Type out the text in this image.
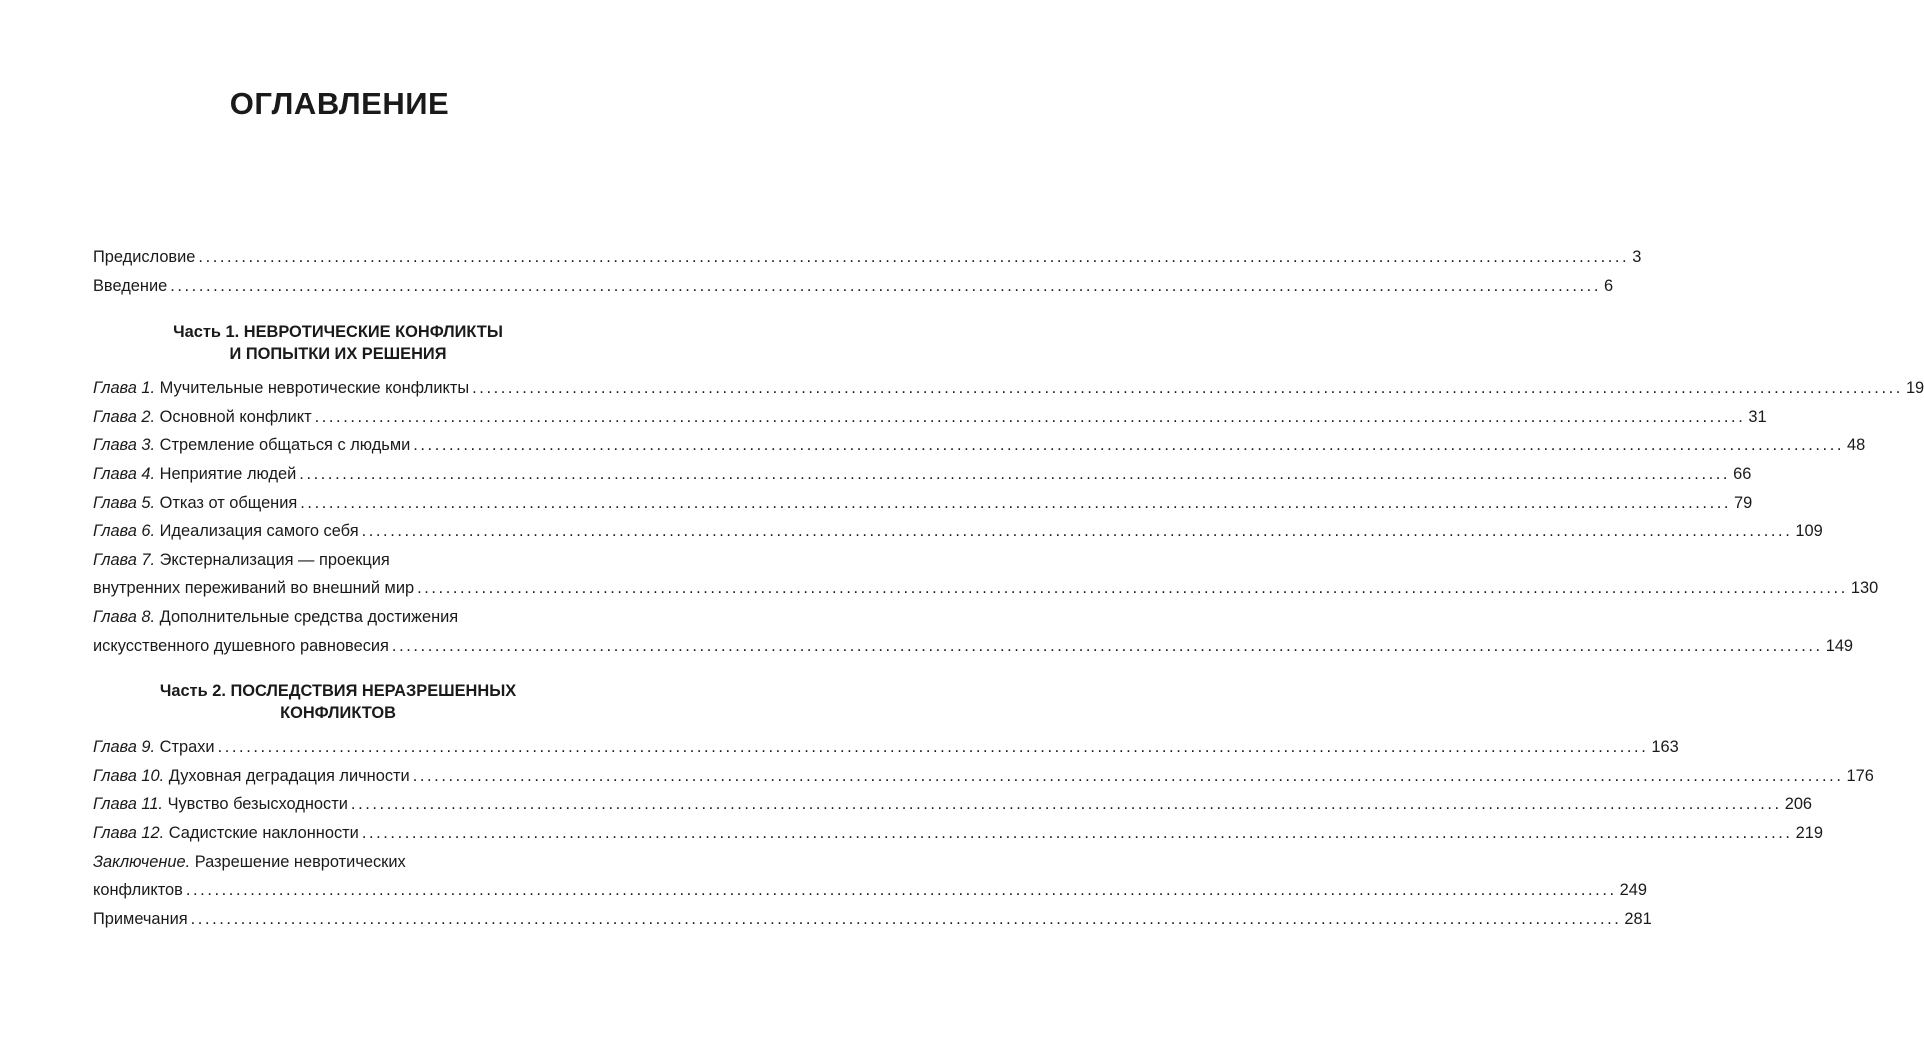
ОГЛАВЛЕНИЕ
Предисловие ........................................................................................................................................................................................................ 3
Введение ........................................................................................................................................................................................................ 6
Часть 1. НЕВРОТИЧЕСКИЕ КОНФЛИКТЫ
И ПОПЫТКИ ИХ РЕШЕНИЯ
Глава 1. Мучительные невротические конфликты ........................................................................................................................................................................................................ 19
Глава 2. Основной конфликт ........................................................................................................................................................................................................ 31
Глава 3. Стремление общаться с людьми ........................................................................................................................................................................................................ 48
Глава 4. Неприятие людей ........................................................................................................................................................................................................ 66
Глава 5. Отказ от общения ........................................................................................................................................................................................................ 79
Глава 6. Идеализация самого себя ........................................................................................................................................................................................................ 109
Глава 7. Экстернализация — проекция
внутренних переживаний во внешний мир ........................................................................................................................................................................................................ 130
Глава 8. Дополнительные средства достижения
искусственного душевного равновесия ........................................................................................................................................................................................................ 149
Часть 2. ПОСЛЕДСТВИЯ НЕРАЗРЕШЕННЫХ
КОНФЛИКТОВ
Глава 9. Страхи ........................................................................................................................................................................................................ 163
Глава 10. Духовная деградация личности ........................................................................................................................................................................................................ 176
Глава 11. Чувство безысходности ........................................................................................................................................................................................................ 206
Глава 12. Садистские наклонности ........................................................................................................................................................................................................ 219
Заключение. Разрешение невротических
конфликтов ........................................................................................................................................................................................................ 249
Примечания ........................................................................................................................................................................................................ 281
